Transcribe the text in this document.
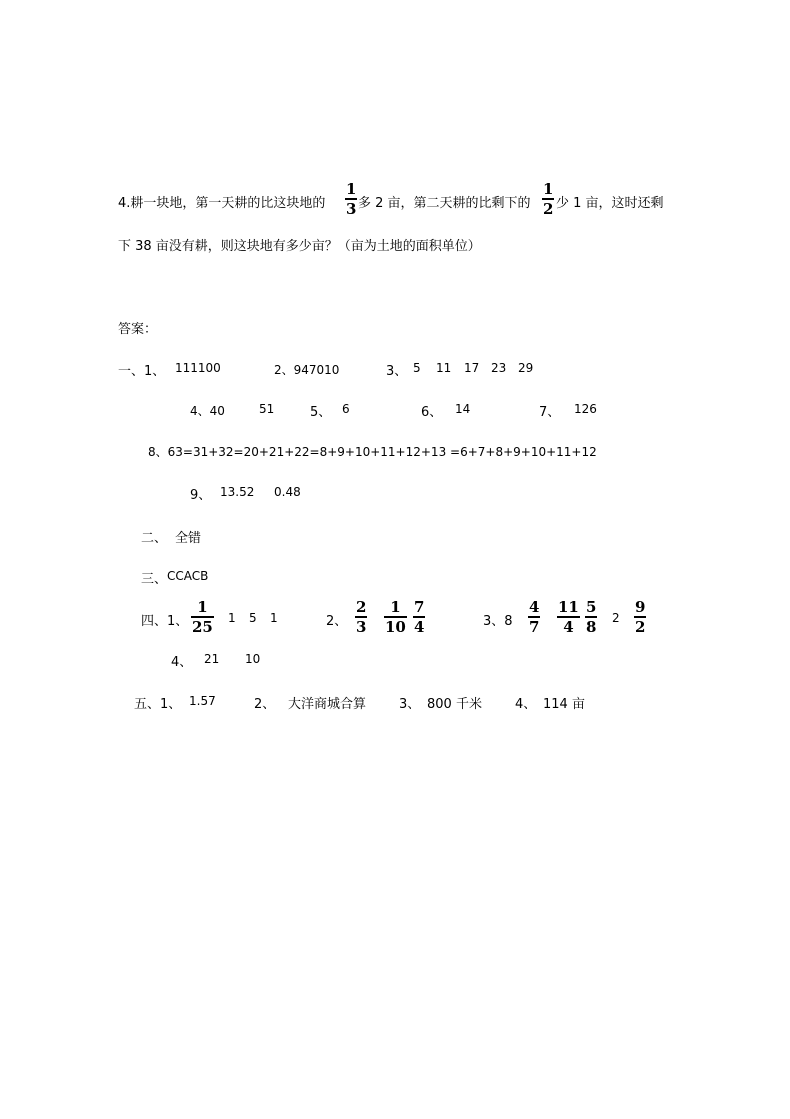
4.耕一块地，第一天耕的比这块地的
1
3 多 2 亩，第二天耕的比剩下的
1
2 少 1 亩，这时还剩
下 38 亩没有耕，则这块地有多少亩？（亩为土地的面积单位）
答案：
一、1、 111100	2、947010	3、 5 11 17 23 29
4、40	51	5、 6	6、 14	7、 126
8、63=31+32=20+21+22=8+9+10+11+12+13 =6+7+8+9+10+11+12
9、 13.52 0.48
二、 全错
三、 CCACB
四、1、
1
25 1 5 1	2、
2
3
1
10
7
4	3、8
4
7
11
4
5
8 2
9
2
4、 21 10
五、1、 1.57	2、 大洋商城合算	3、 800 千米	4、 114 亩
